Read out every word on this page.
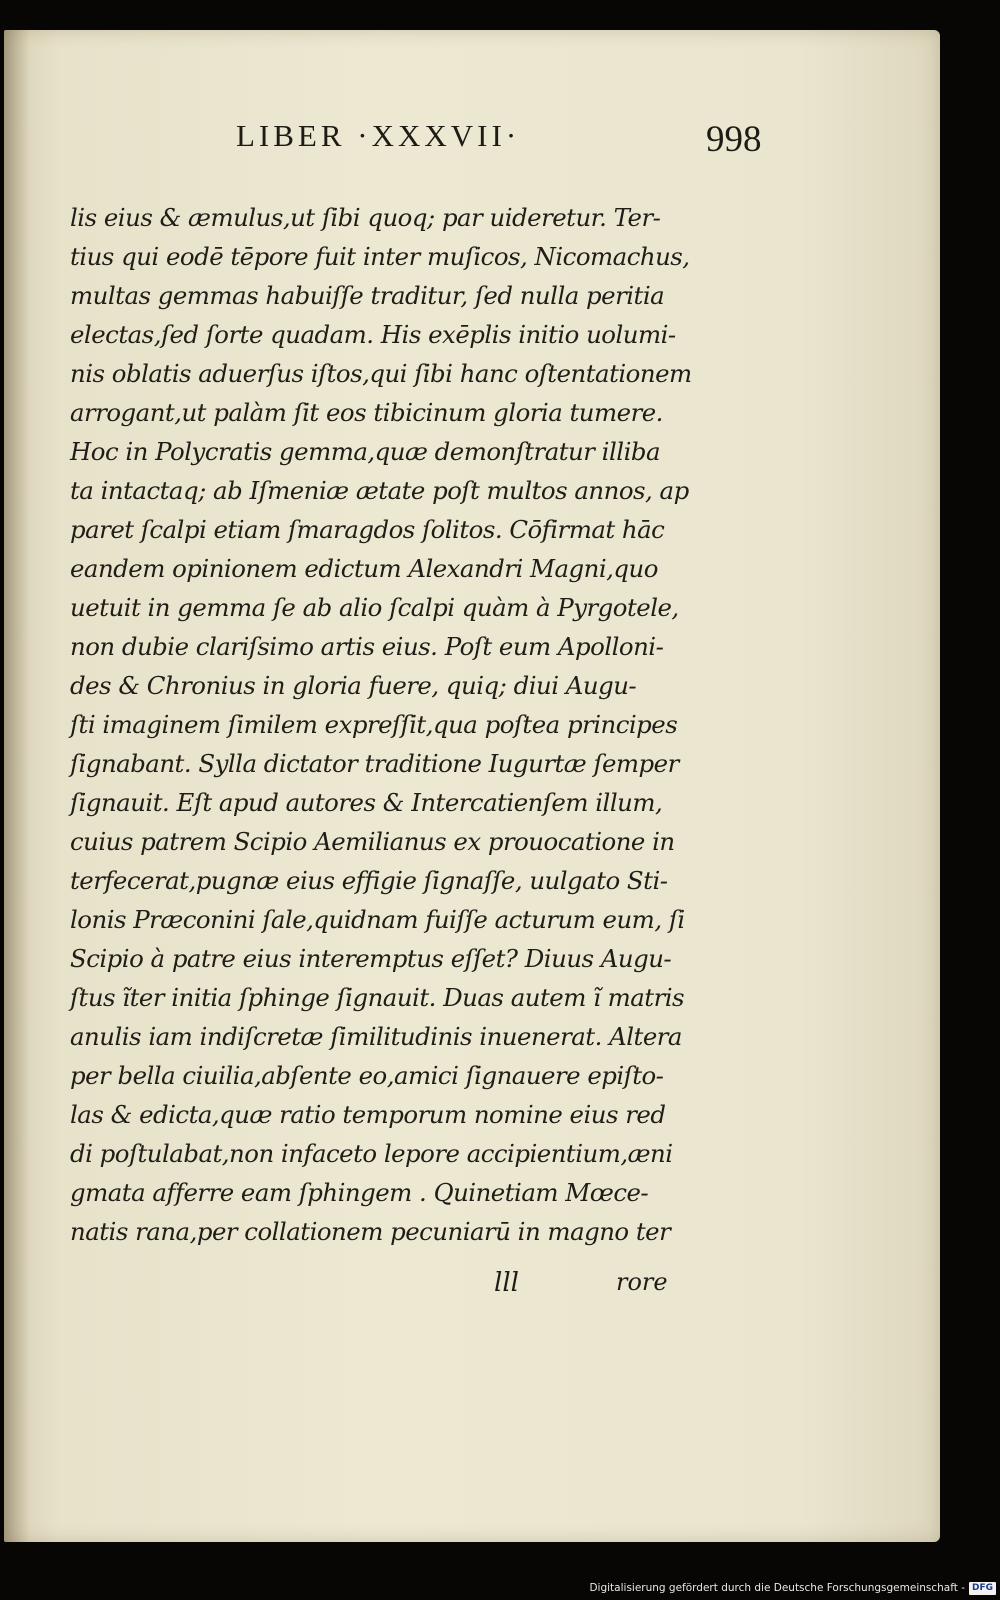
LIBER ·XXXVII·	998
lis eius & æmulus,ut ſibi quoq; par uideretur. Ter-
tius qui eodē tēpore fuit inter muſicos, Nicomachus,
multas gemmas habuiſſe traditur, ſed nulla peritia
electas,ſed ſorte quadam. His exēplis initio uolumi-
nis oblatis aduerſus iſtos,qui ſibi hanc oſtentationem
arrogant,ut palàm ſit eos tibicinum gloria tumere.
Hoc in Polycratis gemma,quæ demonſtratur illiba
ta intactaq; ab Iſmeniæ ætate poſt multos annos, ap
paret ſcalpi etiam ſmaragdos ſolitos. Cōfirmat hāc
eandem opinionem edictum Alexandri Magni,quo
uetuit in gemma ſe ab alio ſcalpi quàm à Pyrgotele,
non dubie clariſsimo artis eius. Poſt eum Apolloni-
des & Chronius in gloria fuere, quiq; diui Augu-
ſti imaginem ſimilem expreſſit,qua poſtea principes
ſignabant. Sylla dictator traditione Iugurtæ ſemper
ſignauit. Eſt apud autores & Intercatienſem illum,
cuius patrem Scipio Aemilianus ex prouocatione in
terfecerat,pugnæ eius effigie ſignaſſe, uulgato Sti-
lonis Præconini ſale,quidnam fuiſſe acturum eum, ſi
Scipio à patre eius interemptus eſſet? Diuus Augu-
ſtus ĩter initia ſphinge ſignauit. Duas autem ĩ matris
anulis iam indiſcretæ ſimilitudinis inuenerat. Altera
per bella ciuilia,abſente eo,amici ſignauere epiſto-
las & edicta,quæ ratio temporum nomine eius red
di poſtulabat,non infaceto lepore accipientium,æni
gmata afferre eam ſphingem . Quinetiam Mœce-
natis rana,per collationem pecuniarū in magno ter
lll	rore
Digitalisierung gefördert durch die Deutsche Forschungsgemeinschaft - DFG
